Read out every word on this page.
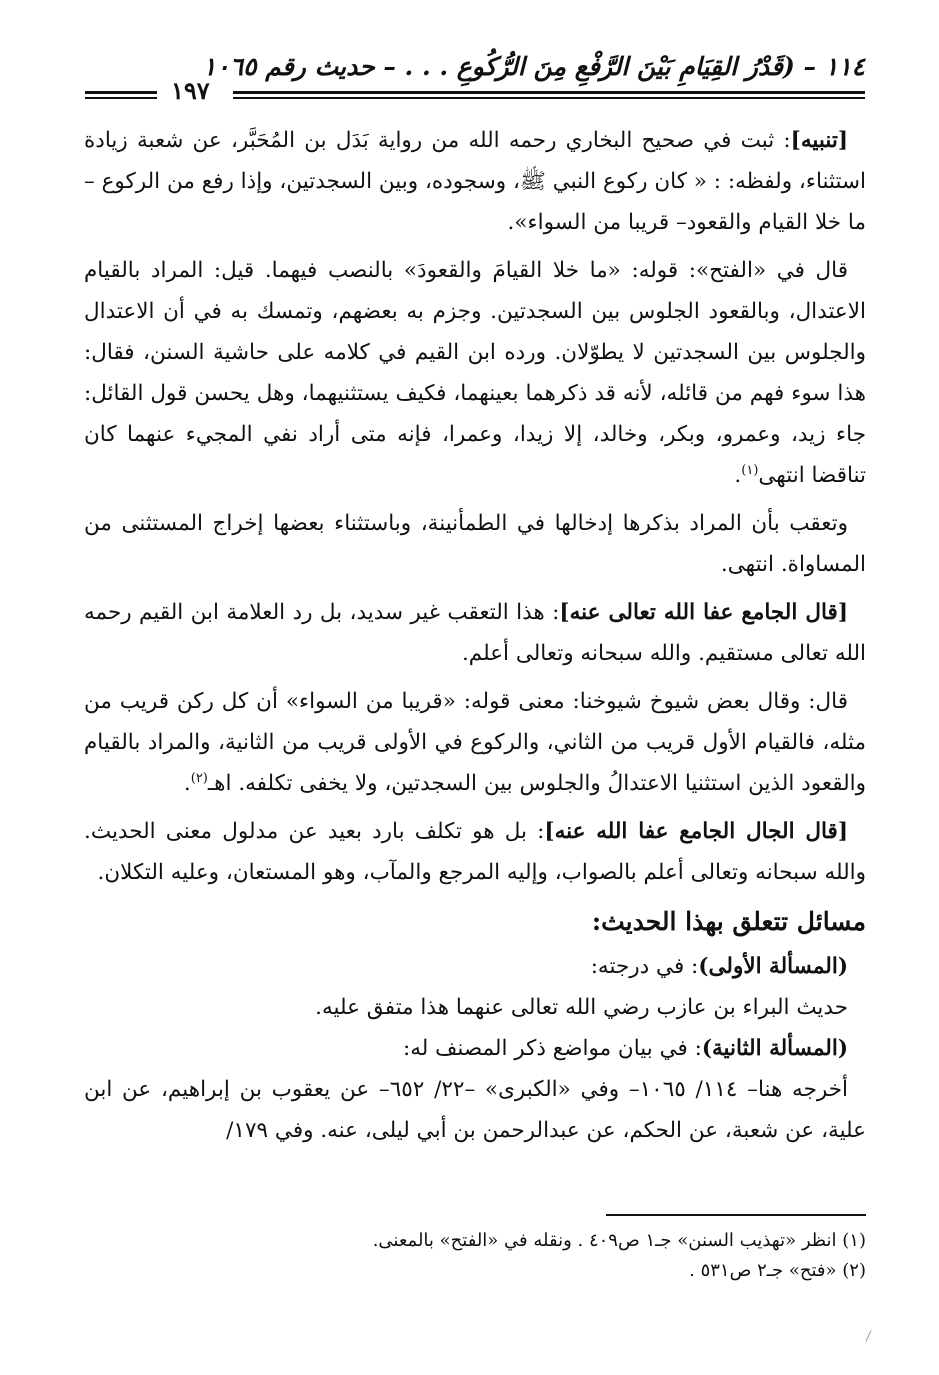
١١٤ – (قَدْرُ القِيَامِ بَيْنَ الرَّفْعِ مِنَ الرُّكُوعِ . . . – حديث رقم ١٠٦٥
١٩٧

[تنبيه]: ثبت في صحيح البخاري رحمه الله من رواية بَدَل بن المُحَبَّر، عن شعبة زيادة استثناء، ولفظه: : « كان ركوع النبي ﷺ، وسجوده، وبين السجدتين، وإذا رفع من الركوع –ما خلا القيام والقعود– قريبا من السواء».

قال في «الفتح»: قوله: «ما خلا القيامَ والقعودَ» بالنصب فيهما. قيل: المراد بالقيام الاعتدال، وبالقعود الجلوس بين السجدتين. وجزم به بعضهم، وتمسك به في أن الاعتدال والجلوس بين السجدتين لا يطوّلان. ورده ابن القيم في كلامه على حاشية السنن، فقال: هذا سوء فهم من قائله، لأنه قد ذكرهما بعينهما، فكيف يستثنيهما، وهل يحسن قول القائل: جاء زيد، وعمرو، وبكر، وخالد، إلا زيدا، وعمرا، فإنه متى أراد نفي المجيء عنهما كان تناقضا انتهى$^{(١)}$.

وتعقب بأن المراد بذكرها إدخالها في الطمأنينة، وباستثناء بعضها إخراج المستثنى من المساواة. انتهى.

[قال الجامع عفا الله تعالى عنه]: هذا التعقب غير سديد، بل رد العلامة ابن القيم رحمه الله تعالى مستقيم. والله سبحانه وتعالى أعلم.

قال: وقال بعض شيوخ شيوخنا: معنى قوله: «قريبا من السواء» أن كل ركن قريب من مثله، فالقيام الأول قريب من الثاني، والركوع في الأولى قريب من الثانية، والمراد بالقيام والقعود الذين استثنيا الاعتدالُ والجلوس بين السجدتين، ولا يخفى تكلفه. اهـ$^{(٢)}$.

[قال الجال الجامع عفا الله عنه]: بل هو تكلف بارد بعيد عن مدلول معنى الحديث. والله سبحانه وتعالى أعلم بالصواب، وإليه المرجع والمآب، وهو المستعان، وعليه التكلان.

مسائل تتعلق بهذا الحديث:

(المسألة الأولى): في درجته:

حديث البراء بن عازب رضي الله تعالى عنهما هذا متفق عليه.

(المسألة الثانية): في بيان مواضع ذكر المصنف له:

أخرجه هنا– ١١٤/ ١٠٦٥– وفي «الكبرى» –٢٢/ ٦٥٢– عن يعقوب بن إبراهيم، عن ابن علية، عن شعبة، عن الحكم، عن عبدالرحمن بن أبي ليلى، عنه. وفي ١٧٩/

(١) انظر «تهذيب السنن» جـ١ ص٤٠٩ . ونقله في «الفتح» بالمعنى.

(٢) «فتح» جـ٢ ص٥٣١ .
